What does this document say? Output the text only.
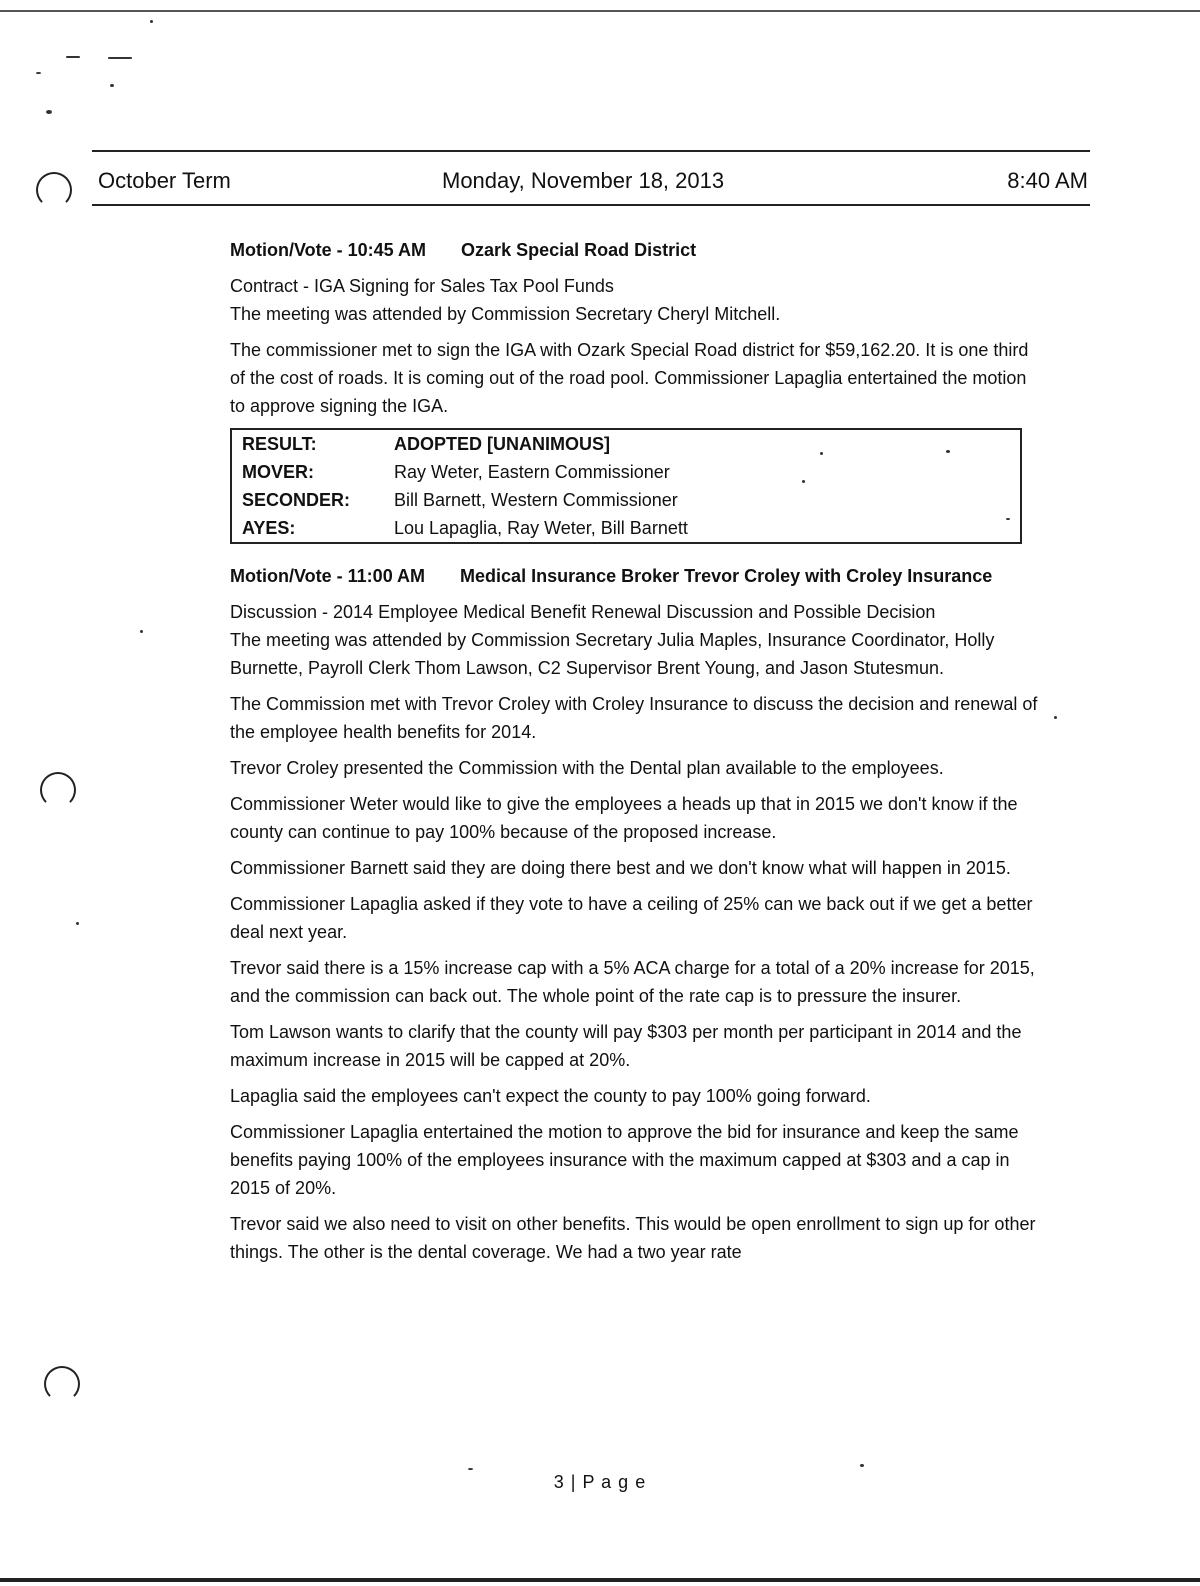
October Term	Monday, November 18, 2013	8:40 AM

Motion/Vote - 10:45 AM Ozark Special Road District

Contract - IGA Signing for Sales Tax Pool Funds

The meeting was attended by Commission Secretary Cheryl Mitchell.

The commissioner met to sign the IGA with Ozark Special Road district for $59,162.20. It is one third of the cost of roads. It is coming out of the road pool. Commissioner Lapaglia entertained the motion to approve signing the IGA.

RESULT:	ADOPTED [UNANIMOUS]
MOVER:	Ray Weter, Eastern Commissioner
SECONDER:	Bill Barnett, Western Commissioner
AYES:	Lou Lapaglia, Ray Weter, Bill Barnett

Motion/Vote - 11:00 AM Medical Insurance Broker Trevor Croley with Croley Insurance

Discussion - 2014 Employee Medical Benefit Renewal Discussion and Possible Decision

The meeting was attended by Commission Secretary Julia Maples, Insurance Coordinator, Holly Burnette, Payroll Clerk Thom Lawson, C2 Supervisor Brent Young, and Jason Stutesmun.

The Commission met with Trevor Croley with Croley Insurance to discuss the decision and renewal of the employee health benefits for 2014.

Trevor Croley presented the Commission with the Dental plan available to the employees.

Commissioner Weter would like to give the employees a heads up that in 2015 we don't know if the county can continue to pay 100% because of the proposed increase.

Commissioner Barnett said they are doing there best and we don't know what will happen in 2015.

Commissioner Lapaglia asked if they vote to have a ceiling of 25% can we back out if we get a better deal next year.

Trevor said there is a 15% increase cap with a 5% ACA charge for a total of a 20% increase for 2015, and the commission can back out. The whole point of the rate cap is to pressure the insurer.

Tom Lawson wants to clarify that the county will pay $303 per month per participant in 2014 and the maximum increase in 2015 will be capped at 20%.

Lapaglia said the employees can't expect the county to pay 100% going forward.

Commissioner Lapaglia entertained the motion to approve the bid for insurance and keep the same benefits paying 100% of the employees insurance with the maximum capped at $303 and a cap in 2015 of 20%.

Trevor said we also need to visit on other benefits. This would be open enrollment to sign up for other things. The other is the dental coverage. We had a two year rate

3 | P a g e
